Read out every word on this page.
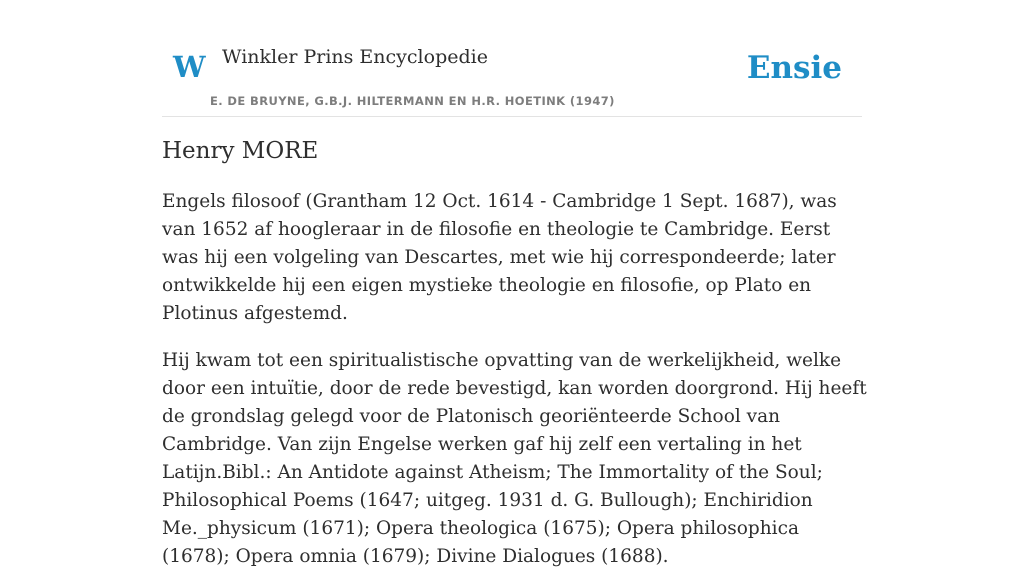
W Winkler Prins Encyclopedie
E. DE BRUYNE, G.B.J. HILTERMANN EN H.R. HOETINK (1947)
Ensie
Henry MORE

Engels filosoof (Grantham 12 Oct. 1614 - Cambridge 1 Sept. 1687), was van 1652 af hoogleraar in de filosofie en theologie te Cambridge. Eerst was hij een volgeling van Descartes, met wie hij correspondeerde; later ontwikkelde hij een eigen mystieke theologie en filosofie, op Plato en Plotinus afgestemd.

Hij kwam tot een spiritualistische opvatting van de werkelijkheid, welke door een intuïtie, door de rede bevestigd, kan worden doorgrond. Hij heeft de grondslag gelegd voor de Platonisch georiënteerde School van Cambridge. Van zijn Engelse werken gaf hij zelf een vertaling in het Latijn.Bibl.: An Antidote against Atheism; The Immortality of the Soul; Philosophical Poems (1647; uitgeg. 1931 d. G. Bullough); Enchiridion Me._physicum (1671); Opera theologica (1675); Opera philosophica (1678); Opera omnia (1679); Divine Dialogues (1688).
